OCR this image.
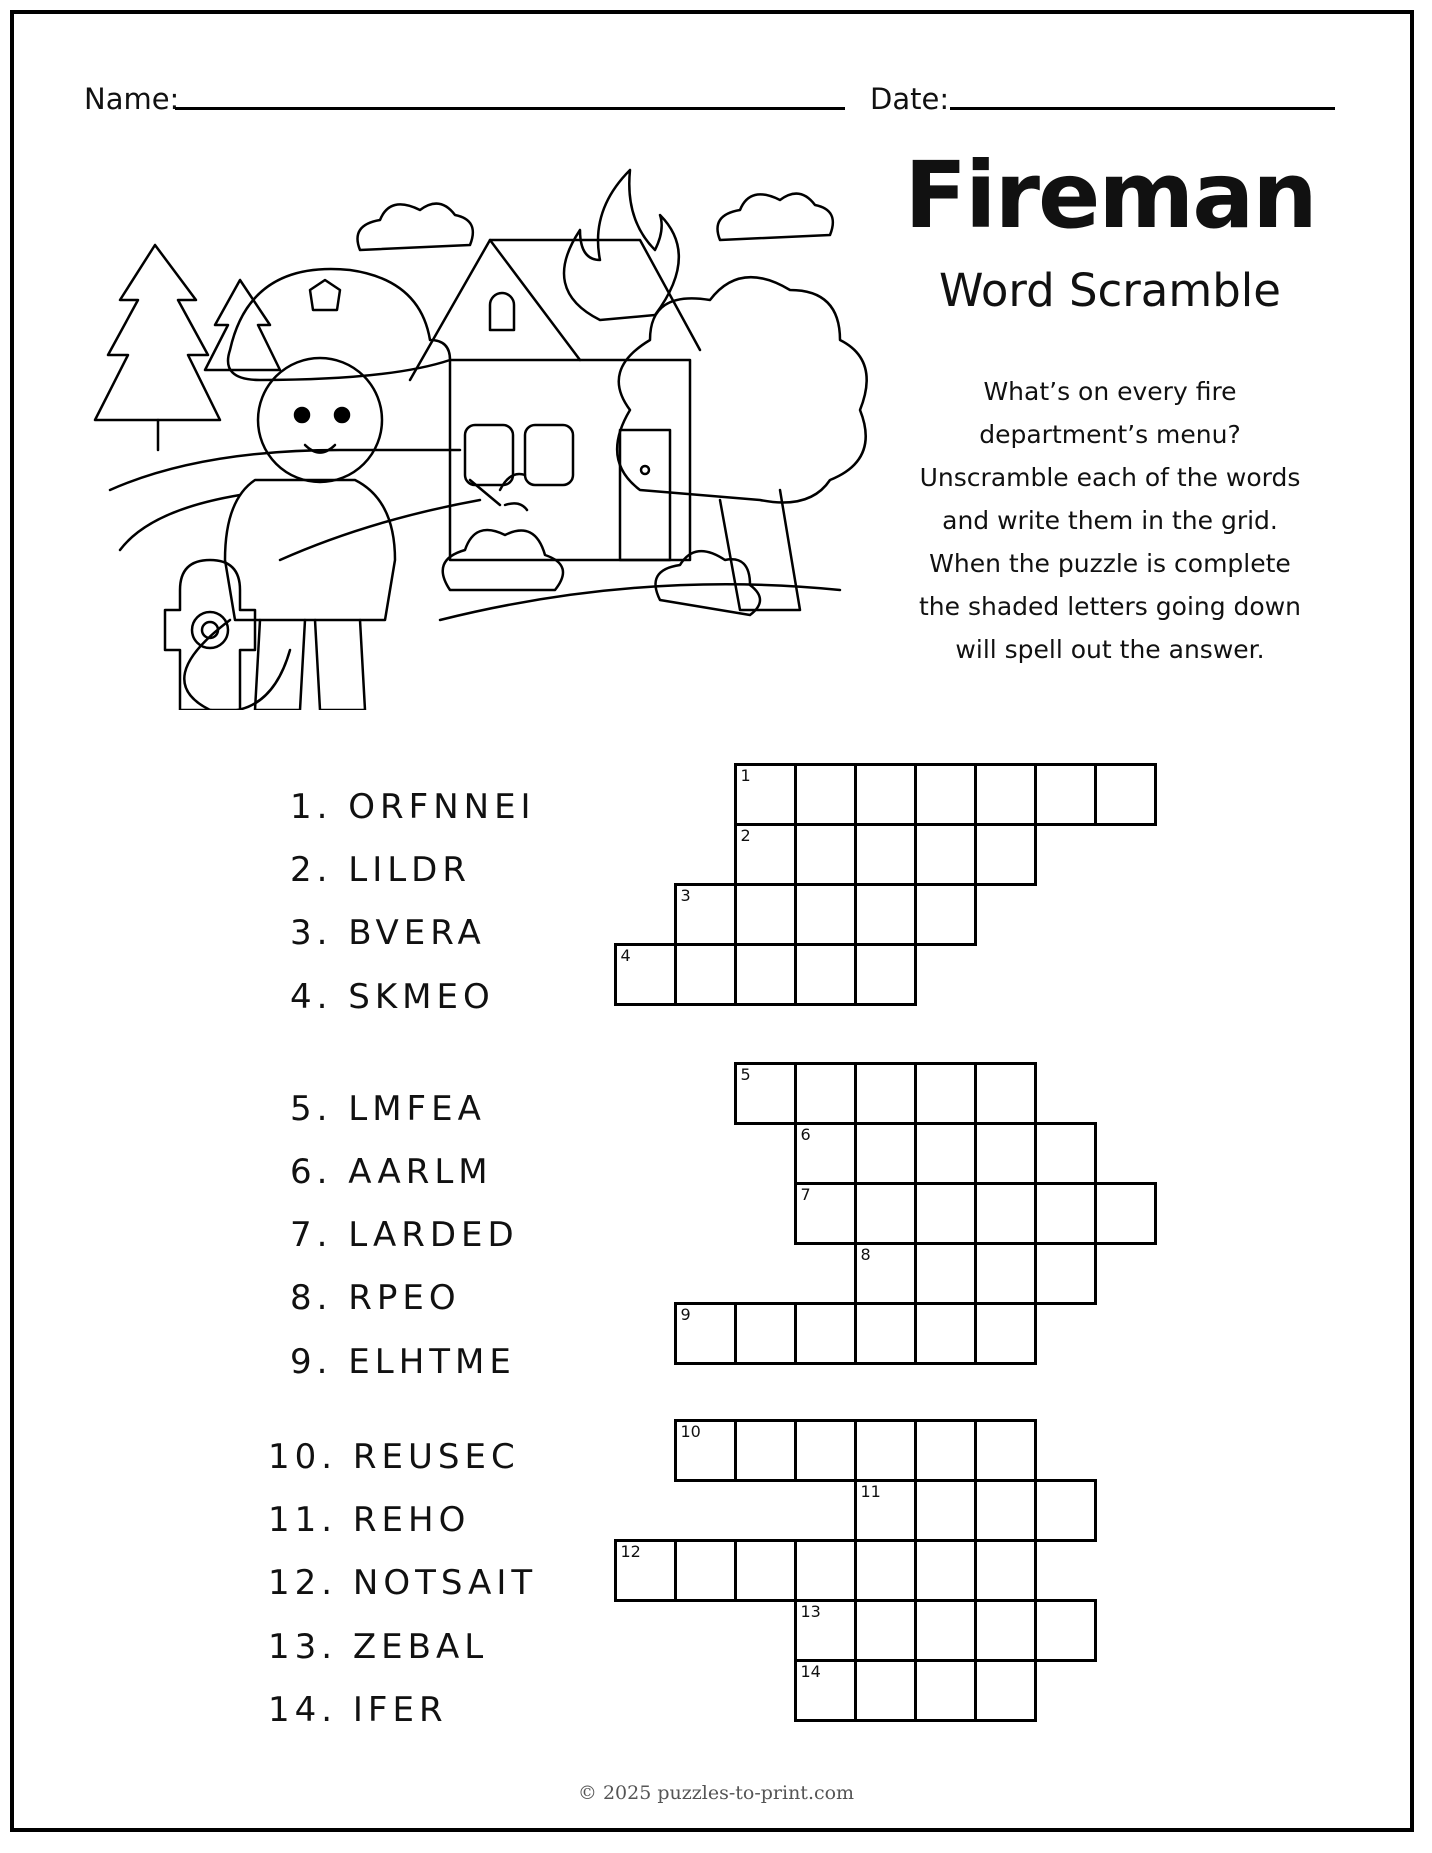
Name:	Date:
Fireman
Word Scramble
What’s on every fire
department’s menu?
Unscramble each of the words
and write them in the grid.
When the puzzle is complete
the shaded letters going down
will spell out the answer.
1. ORFNNEI
2. LILDR
3. BVERA
4. SKMEO
5. LMFEA
6. AARLM
7. LARDED
8. RPEO
9. ELHTME
10. REUSEC
11. REHO
12. NOTSAIT
13. ZEBAL
14. IFER
1
2
3
4
5
6
7
8
9
10
11
12
13
14
© 2025 puzzles-to-print.com
